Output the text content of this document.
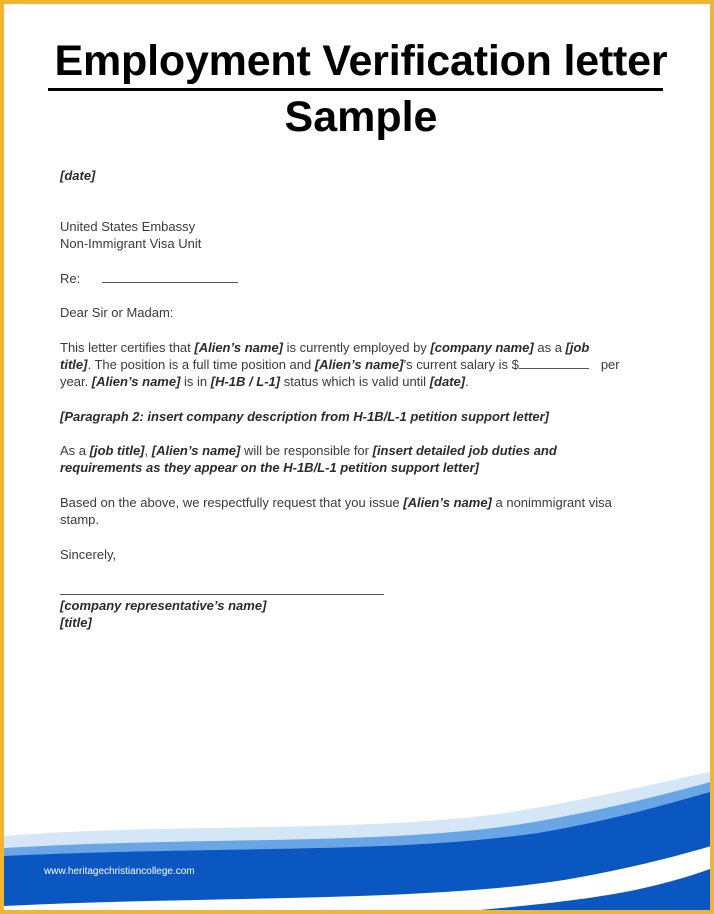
Employment Verification letter
Sample

[date]

United States Embassy
Non-Immigrant Visa Unit

Re:

Dear Sir or Madam:

This letter certifies that [Alien’s name] is currently employed by [company name] as a [job
title]. The position is a full time position and [Alien’s name]’s current salary is $	per
year. [Alien’s name] is in [H-1B / L-1] status which is valid until [date].

[Paragraph 2: insert company description from H-1B/L-1 petition support letter]

As a [job title], [Alien’s name] will be responsible for [insert detailed job duties and
requirements as they appear on the H-1B/L-1 petition support letter]

Based on the above, we respectfully request that you issue [Alien’s name] a nonimmigrant visa
stamp.

Sincerely,

[company representative’s name]
[title]

www.heritagechristiancollege.com
